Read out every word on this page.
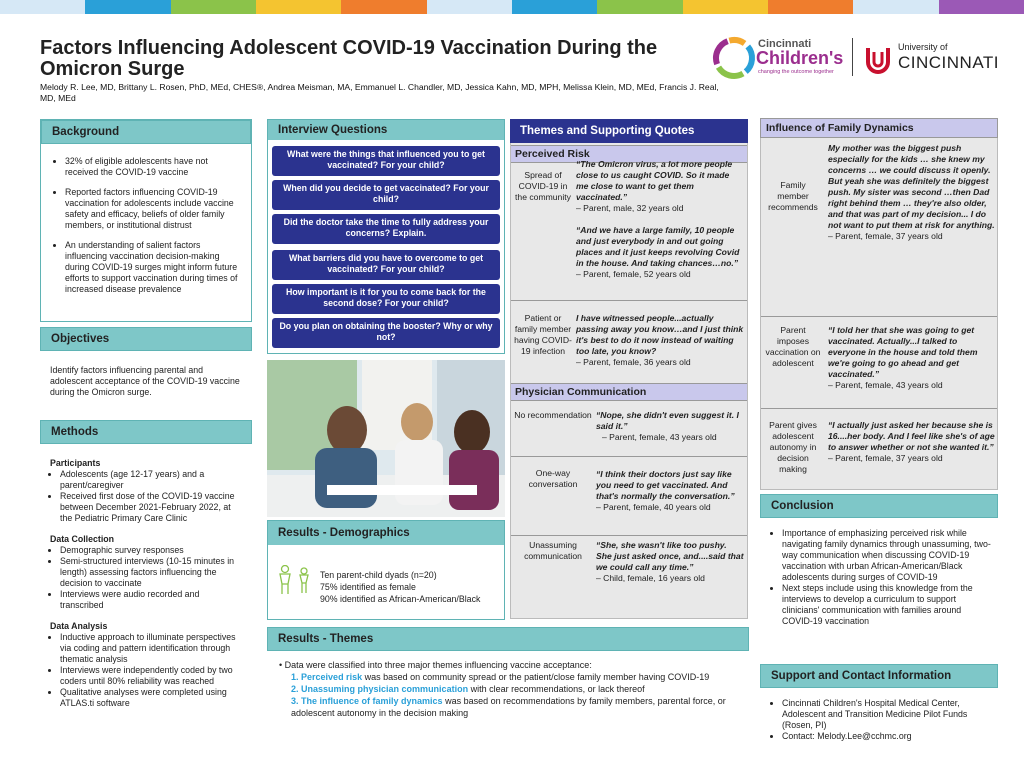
Factors Influencing Adolescent COVID-19 Vaccination During the Omicron Surge
Melody R. Lee, MD, Brittany L. Rosen, PhD, MEd, CHES®, Andrea Meisman, MA, Emmanuel L. Chandler, MD, Jessica Kahn, MD, MPH, Melissa Klein, MD, MEd, Francis J. Real, MD, MEd
Cincinnati
Children's
changing the outcome together
University of
CINCINNATI
Background
• 32% of eligible adolescents have not received the COVID-19 vaccine
• Reported factors influencing COVID-19 vaccination for adolescents include vaccine safety and efficacy, beliefs of older family members, or institutional distrust
• An understanding of salient factors influencing vaccination decision-making during COVID-19 surges might inform future efforts to support vaccination during times of increased disease prevalence
Objectives
Identify factors influencing parental and adolescent acceptance of the COVID-19 vaccine during the Omicron surge.
Methods
Participants
• Adolescents (age 12-17 years) and a parent/caregiver
• Received first dose of the COVID-19 vaccine between December 2021-February 2022, at the Pediatric Primary Care Clinic
Data Collection
• Demographic survey responses
• Semi-structured interviews (10-15 minutes in length) assessing factors influencing the decision to vaccinate
• Interviews were audio recorded and transcribed
Data Analysis
• Inductive approach to illuminate perspectives via coding and pattern identification through thematic analysis
• Interviews were independently coded by two coders until 80% reliability was reached
• Qualitative analyses were completed using ATLAS.ti software
Interview Questions
What were the things that influenced you to get vaccinated? For your child?
When did you decide to get vaccinated? For your child?
Did the doctor take the time to fully address your concerns? Explain.
What barriers did you have to overcome to get vaccinated? For your child?
How important is it for you to come back for the second dose? For your child?
Do you plan on obtaining the booster? Why or why not?
Results - Demographics
Ten parent-child dyads (n=20)
75% identified as female
90% identified as African-American/Black
Themes and Supporting Quotes
Perceived Risk
Spread of COVID-19 in the community
“The Omicron virus, a lot more people close to us caught COVID. So it made me close to want to get them vaccinated.”
– Parent, male, 32 years old

“And we have a large family, 10 people and just everybody in and out going places and it just keeps revolving Covid in the house. And taking chances…no.”
– Parent, female, 52 years old
Patient or family member having COVID-19 infection
I have witnessed people...actually passing away you know…and I just think it's best to do it now instead of waiting too late, you know?
– Parent, female, 36 years old
Physician Communication
No recommendation “Nope, she didn't even suggest it. I said it.”
– Parent, female, 43 years old
One-way conversation
“I think their doctors just say like you need to get vaccinated. And that's normally the conversation.”
– Parent, female, 40 years old
Unassuming communication
“She, she wasn't like too pushy. She just asked once, and....said that we could call any time.”
– Child, female, 16 years old
Influence of Family Dynamics
Family member recommends
My mother was the biggest push especially for the kids … she knew my concerns … we could discuss it openly. But yeah she was definitely the biggest push. My sister was second …then Dad right behind them … they're also older, and that was part of my decision... I do not want to put them at risk for anything.
– Parent, female, 37 years old
Parent imposes vaccination on adolescent
“I told her that she was going to get vaccinated. Actually...I talked to everyone in the house and told them we're going to go ahead and get vaccinated.”
– Parent, female, 43 years old
Parent gives adolescent autonomy in decision making
“I actually just asked her because she is 16....her body. And I feel like she's of age to answer whether or not she wanted it.”
– Parent, female, 37 years old
Conclusion
• Importance of emphasizing perceived risk while navigating family dynamics through unassuming, two-way communication when discussing COVID-19 vaccination with urban African-American/Black adolescents during surges of COVID-19
• Next steps include using this knowledge from the interviews to develop a curriculum to support clinicians' communication with families around COVID-19 vaccination
Support and Contact Information
• Cincinnati Children's Hospital Medical Center, Adolescent and Transition Medicine Pilot Funds (Rosen, PI)
• Contact: Melody.Lee@cchmc.org
Results - Themes
• Data were classified into three major themes influencing vaccine acceptance:
1. Perceived risk was based on community spread or the patient/close family member having COVID-19
2. Unassuming physician communication with clear recommendations, or lack thereof
3. The influence of family dynamics was based on recommendations by family members, parental force, or adolescent autonomy in the decision making
